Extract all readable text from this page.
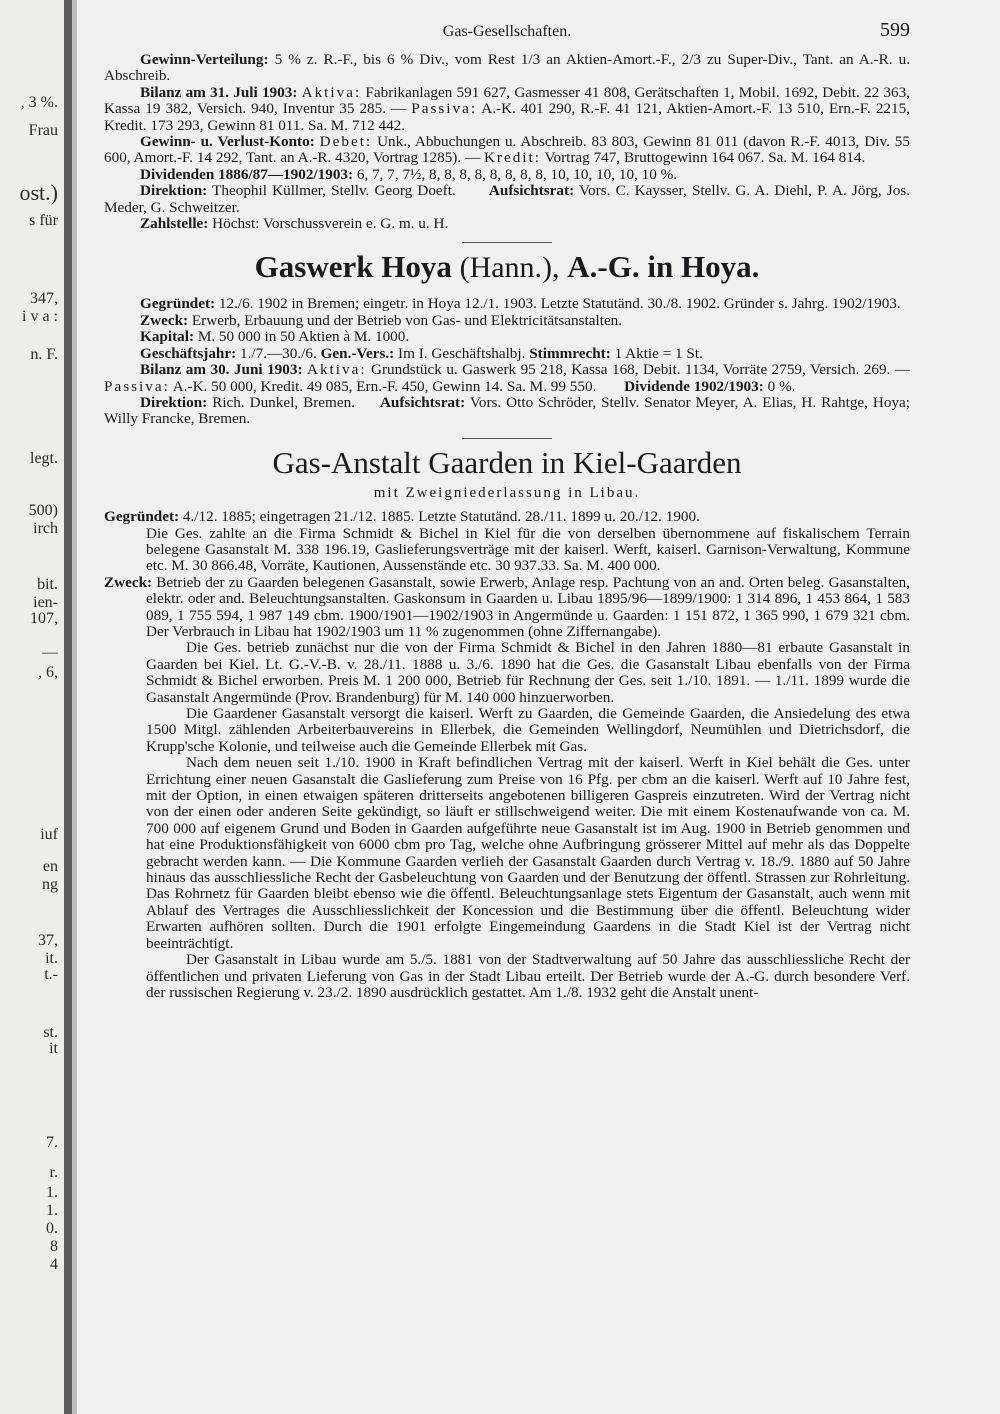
, 3 %.
Frau
ost.)
s für
347,
i v a :
n. F.
legt.
500)
irch
bit.
ien-
107,
—
, 6,
iuf
en
ng
37,
it.
t.-
st.
it
7.
r.
1.
1.
0.
8
4
Gas-Gesellschaften.	599

Gewinn-Verteilung: 5 % z. R.-F., bis 6 % Div., vom Rest 1/3 an Aktien-Amort.-F., 2/3 zu Super-Div., Tant. an A.-R. u. Abschreib.

Bilanz am 31. Juli 1903: Aktiva: Fabrikanlagen 591 627, Gasmesser 41 808, Gerätschaften 1, Mobil. 1692, Debit. 22 363, Kassa 19 382, Versich. 940, Inventur 35 285. — Passiva: A.-K. 401 290, R.-F. 41 121, Aktien-Amort.-F. 13 510, Ern.-F. 2215, Kredit. 173 293, Gewinn 81 011. Sa. M. 712 442.

Gewinn- u. Verlust-Konto: Debet: Unk., Abbuchungen u. Abschreib. 83 803, Gewinn 81 011 (davon R.-F. 4013, Div. 55 600, Amort.-F. 14 292, Tant. an A.-R. 4320, Vortrag 1285). — Kredit: Vortrag 747, Bruttogewinn 164 067. Sa. M. 164 814.

Dividenden 1886/87—1902/1903: 6, 7, 7, 7½, 8, 8, 8, 8, 8, 8, 8, 8, 10, 10, 10, 10, 10 %.

Direktion: Theophil Küllmer, Stellv. Georg Doeft. Aufsichtsrat: Vors. C. Kaysser, Stellv. G. A. Diehl, P. A. Jörg, Jos. Meder, G. Schweitzer.

Zahlstelle: Höchst: Vorschussverein e. G. m. u. H.

Gaswerk Hoya (Hann.), A.-G. in Hoya.

Gegründet: 12./6. 1902 in Bremen; eingetr. in Hoya 12./1. 1903. Letzte Statutänd. 30./8. 1902. Gründer s. Jahrg. 1902/1903.

Zweck: Erwerb, Erbauung und der Betrieb von Gas- und Elektricitätsanstalten.

Kapital: M. 50 000 in 50 Aktien à M. 1000.

Geschäftsjahr: 1./7.—30./6. Gen.-Vers.: Im I. Geschäftshalbj. Stimmrecht: 1 Aktie = 1 St.

Bilanz am 30. Juni 1903: Aktiva: Grundstück u. Gaswerk 95 218, Kassa 168, Debit. 1134, Vorräte 2759, Versich. 269. — Passiva: A.-K. 50 000, Kredit. 49 085, Ern.-F. 450, Gewinn 14. Sa. M. 99 550. Dividende 1902/1903: 0 %.

Direktion: Rich. Dunkel, Bremen. Aufsichtsrat: Vors. Otto Schröder, Stellv. Senator Meyer, A. Elias, H. Rahtge, Hoya; Willy Francke, Bremen.

Gas-Anstalt Gaarden in Kiel-Gaarden
mit Zweigniederlassung in Libau.

Gegründet: 4./12. 1885; eingetragen 21./12. 1885. Letzte Statutänd. 28./11. 1899 u. 20./12. 1900.

Die Ges. zahlte an die Firma Schmidt & Bichel in Kiel für die von derselben übernommene auf fiskalischem Terrain belegene Gasanstalt M. 338 196.19, Gaslieferungsverträge mit der kaiserl. Werft, kaiserl. Garnison-Verwaltung, Kommune etc. M. 30 866.48, Vorräte, Kautionen, Aussenstände etc. 30 937.33. Sa. M. 400 000.

Zweck: Betrieb der zu Gaarden belegenen Gasanstalt, sowie Erwerb, Anlage resp. Pachtung von an and. Orten beleg. Gasanstalten, elektr. oder and. Beleuchtungsanstalten. Gaskonsum in Gaarden u. Libau 1895/96—1899/1900: 1 314 896, 1 453 864, 1 583 089, 1 755 594, 1 987 149 cbm. 1900/1901—1902/1903 in Angermünde u. Gaarden: 1 151 872, 1 365 990, 1 679 321 cbm. Der Verbrauch in Libau hat 1902/1903 um 11 % zugenommen (ohne Ziffernangabe).

Die Ges. betrieb zunächst nur die von der Firma Schmidt & Bichel in den Jahren 1880—81 erbaute Gasanstalt in Gaarden bei Kiel. Lt. G.-V.-B. v. 28./11. 1888 u. 3./6. 1890 hat die Ges. die Gasanstalt Libau ebenfalls von der Firma Schmidt & Bichel erworben. Preis M. 1 200 000, Betrieb für Rechnung der Ges. seit 1./10. 1891. — 1./11. 1899 wurde die Gasanstalt Angermünde (Prov. Brandenburg) für M. 140 000 hinzuerworben.

Die Gaardener Gasanstalt versorgt die kaiserl. Werft zu Gaarden, die Gemeinde Gaarden, die Ansiedelung des etwa 1500 Mitgl. zählenden Arbeiterbauvereins in Ellerbek, die Gemeinden Wellingdorf, Neumühlen und Dietrichsdorf, die Krupp'sche Kolonie, und teilweise auch die Gemeinde Ellerbek mit Gas.

Nach dem neuen seit 1./10. 1900 in Kraft befindlichen Vertrag mit der kaiserl. Werft in Kiel behält die Ges. unter Errichtung einer neuen Gasanstalt die Gaslieferung zum Preise von 16 Pfg. per cbm an die kaiserl. Werft auf 10 Jahre fest, mit der Option, in einen etwaigen späteren dritterseits angebotenen billigeren Gaspreis einzutreten. Wird der Vertrag nicht von der einen oder anderen Seite gekündigt, so läuft er stillschweigend weiter. Die mit einem Kostenaufwande von ca. M. 700 000 auf eigenem Grund und Boden in Gaarden aufgeführte neue Gasanstalt ist im Aug. 1900 in Betrieb genommen und hat eine Produktionsfähigkeit von 6000 cbm pro Tag, welche ohne Aufbringung grösserer Mittel auf mehr als das Doppelte gebracht werden kann. — Die Kommune Gaarden verlieh der Gasanstalt Gaarden durch Vertrag v. 18./9. 1880 auf 50 Jahre hinaus das ausschliessliche Recht der Gasbeleuchtung von Gaarden und der Benutzung der öffentl. Strassen zur Rohrleitung. Das Rohrnetz für Gaarden bleibt ebenso wie die öffentl. Beleuchtungsanlage stets Eigentum der Gasanstalt, auch wenn mit Ablauf des Vertrages die Ausschliesslichkeit der Koncession und die Bestimmung über die öffentl. Beleuchtung wider Erwarten aufhören sollten. Durch die 1901 erfolgte Eingemeindung Gaardens in die Stadt Kiel ist der Vertrag nicht beeinträchtigt.

Der Gasanstalt in Libau wurde am 5./5. 1881 von der Stadtverwaltung auf 50 Jahre das ausschliessliche Recht der öffentlichen und privaten Lieferung von Gas in der Stadt Libau erteilt. Der Betrieb wurde der A.-G. durch besondere Verf. der russischen Regierung v. 23./2. 1890 ausdrücklich gestattet. Am 1./8. 1932 geht die Anstalt unent-
